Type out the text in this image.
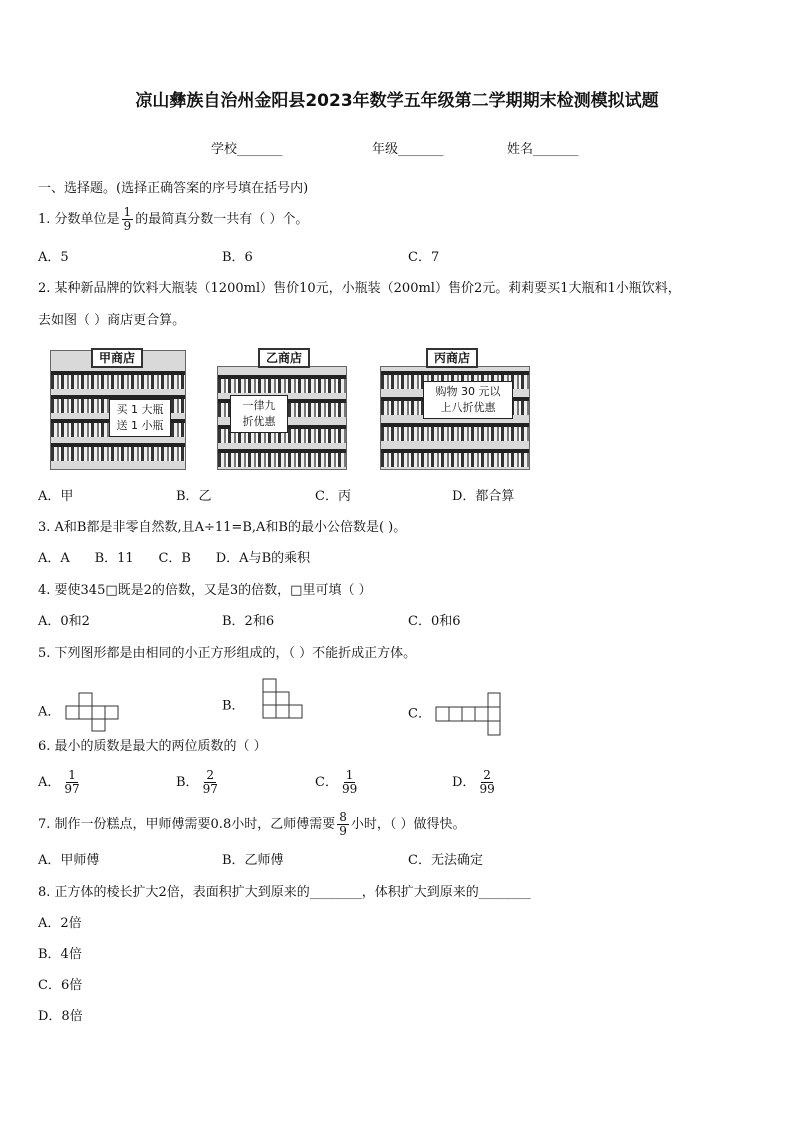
凉山彝族自治州金阳县2023年数学五年级第二学期期末检测模拟试题
学校_______	年级_______	姓名_______
一、选择题。(选择正确答案的序号填在括号内)
1. 分数单位是 $\frac{1}{9}$ 的最简真分数一共有（ ）个。
A．5	B．6	C．7
2. 某种新品牌的饮料大瓶装（1200ml）售价10元，小瓶装（200ml）售价2元。莉莉要买1大瓶和1小瓶饮料，
去如图（ ）商店更合算。
买 1 大瓶
送 1 小瓶
甲商店
一律九
折优惠
乙商店
购物 30 元以
上八折优惠
丙商店
A．甲	B．乙	C．丙	D．都合算
3. A和B都是非零自然数,且A÷11=B,A和B的最小公倍数是( )。
A．A      B．11      C．B      D．A与B的乘积
4. 要使345□既是2的倍数，又是3的倍数，□里可填（ ）
A．0和2	B．2和6	C．0和6
5. 下列图形都是由相同的小正方形组成的，（ ）不能折成正方体。
A．	B．
C．
6. 最小的质数是最大的两位质数的（ ）
A． $\frac{1}{97}$	B． $\frac{2}{97}$	C． $\frac{1}{99}$	D． $\frac{2}{99}$
7. 制作一份糕点，甲师傅需要0.8小时，乙师傅需要 $\frac{8}{9}$ 小时，（ ）做得快。
A．甲师傅	B．乙师傅	C．无法确定
8. 正方体的棱长扩大2倍，表面积扩大到原来的________，体积扩大到原来的________
A．2倍
B．4倍
C．6倍
D．8倍
